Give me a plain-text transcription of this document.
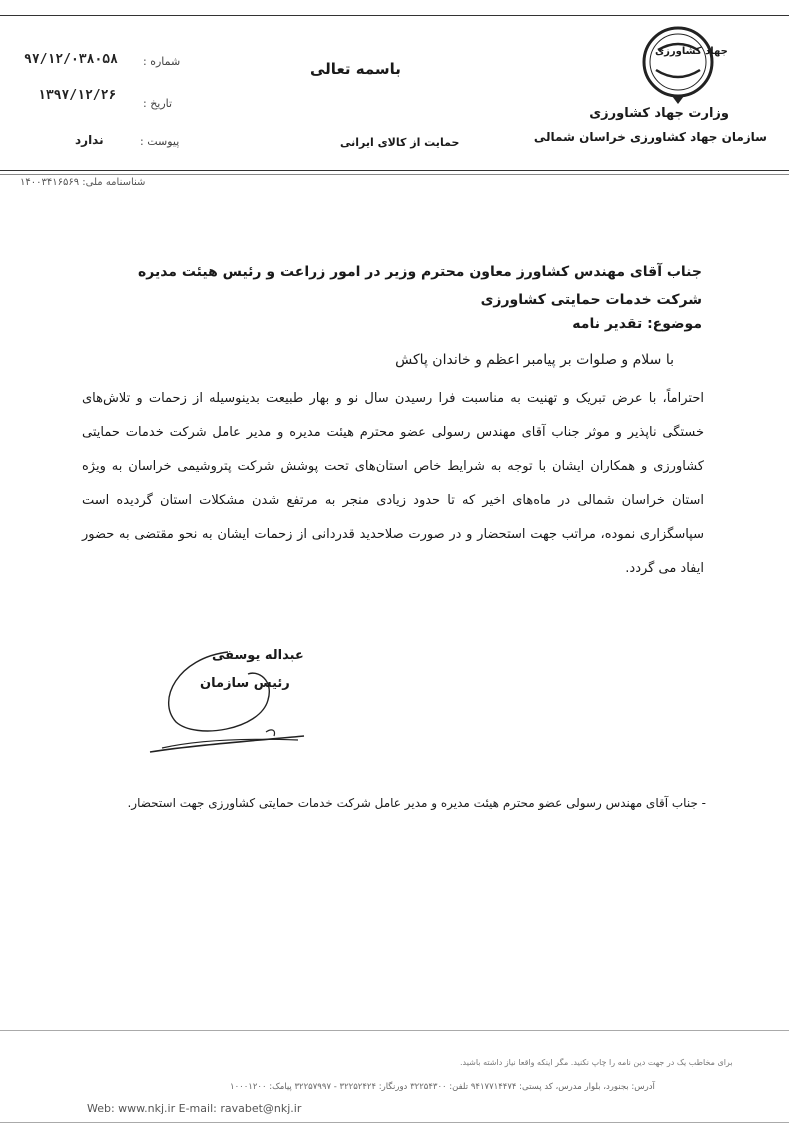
جهاد کشاورزی
وزارت جهاد کشاورزی
سازمان جهاد کشاورزی خراسان شمالی
باسمه تعالی
حمایت از کالای ایرانی
شماره :
۹۷/۱۲/۰۳۸۰۵۸
تاریخ :
۱۳۹۷/۱۲/۲۶
پیوست :
ندارد
شناسنامه ملی: ۱۴۰۰۳۴۱۶۵۶۹
جناب آقای مهندس کشاورز معاون محترم وزیر در امور زراعت و رئیس هیئت مدیره شرکت خدمات حمایتی کشاورزی
موضوع: تقدیر نامه
با سلام و صلوات بر پیامبر اعظم و خاندان پاکش
احتراماً، با عرض تبریک و تهنیت به مناسبت فرا رسیدن سال نو و بهار طبیعت بدینوسیله از زحمات و تلاش‌های خستگی ناپذیر و موثر جناب آقای مهندس رسولی عضو محترم هیئت مدیره و مدیر عامل شرکت خدمات حمایتی کشاورزی و همکاران ایشان با توجه به شرایط خاص استان‌های تحت پوشش شرکت پتروشیمی خراسان به ویژه استان خراسان شمالی در ماه‌های اخیر که تا حدود زیادی منجر به مرتفع شدن مشکلات استان گردیده است سپاسگزاری نموده، مراتب جهت استحضار و در صورت صلاحدید قدردانی از زحمات ایشان به نحو مقتضی به حضور ایفاد می گردد.
عبداله یوسفی
رئیس سازمان
- جناب آقای مهندس رسولی عضو محترم هیئت مدیره و مدیر عامل شرکت خدمات حمایتی کشاورزی جهت استحضار.
برای مخاطب یک در جهت دین نامه را چاپ نکنید. مگر اینکه واقعا نیاز داشته باشید.
آدرس: بجنورد، بلوار مدرس، کد پستی: ۹۴۱۷۷۱۴۴۷۴ تلفن: ۳۲۲۵۴۳۰۰ دورنگار: ۳۲۲۵۲۴۲۴ - ۳۲۲۵۷۹۹۷ پیامک: ۱۰۰۰۱۲۰۰
Web: www.nkj.ir E-mail: ravabet@nkj.ir
